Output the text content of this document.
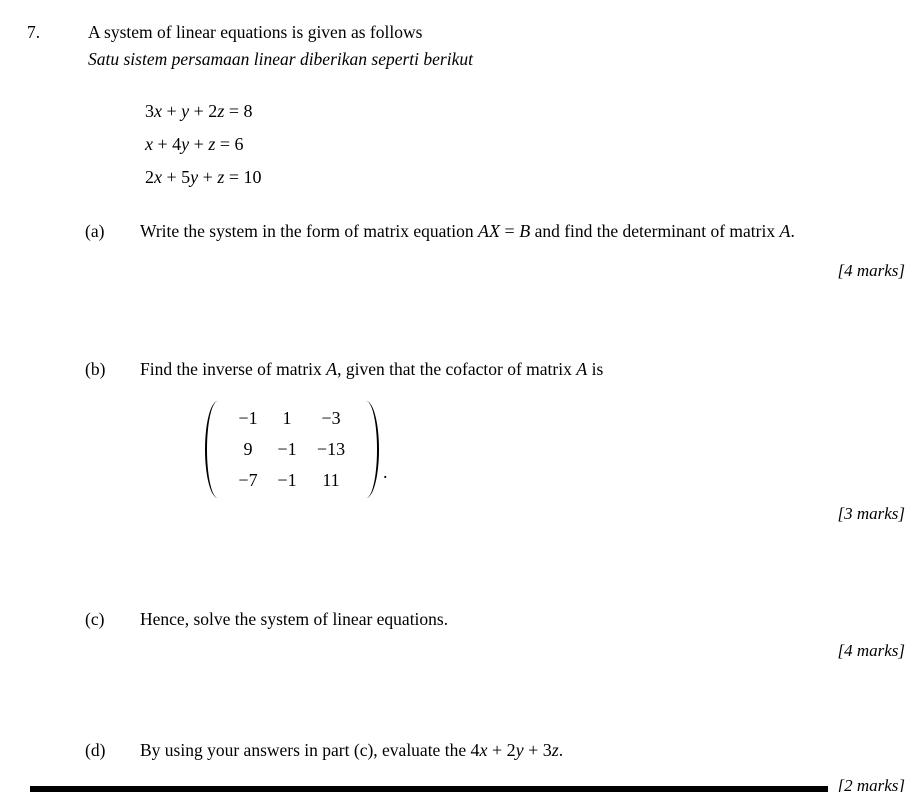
7.	A system of linear equations is given as follows
Satu sistem persamaan linear diberikan seperti berikut
3x + y + 2z = 8
x + 4y + z = 6
2x + 5y + z = 10
(a)	Write the system in the form of matrix equation AX = B and find the determinant of matrix A.
[4 marks]
(b)	Find the inverse of matrix A, given that the cofactor of matrix A is
−1	1	−3
9	−1	−13
−7	−1	11	.
[3 marks]
(c)	Hence, solve the system of linear equations.
[4 marks]
(d)	By using your answers in part (c), evaluate the 4x + 2y + 3z.
[2 marks]
